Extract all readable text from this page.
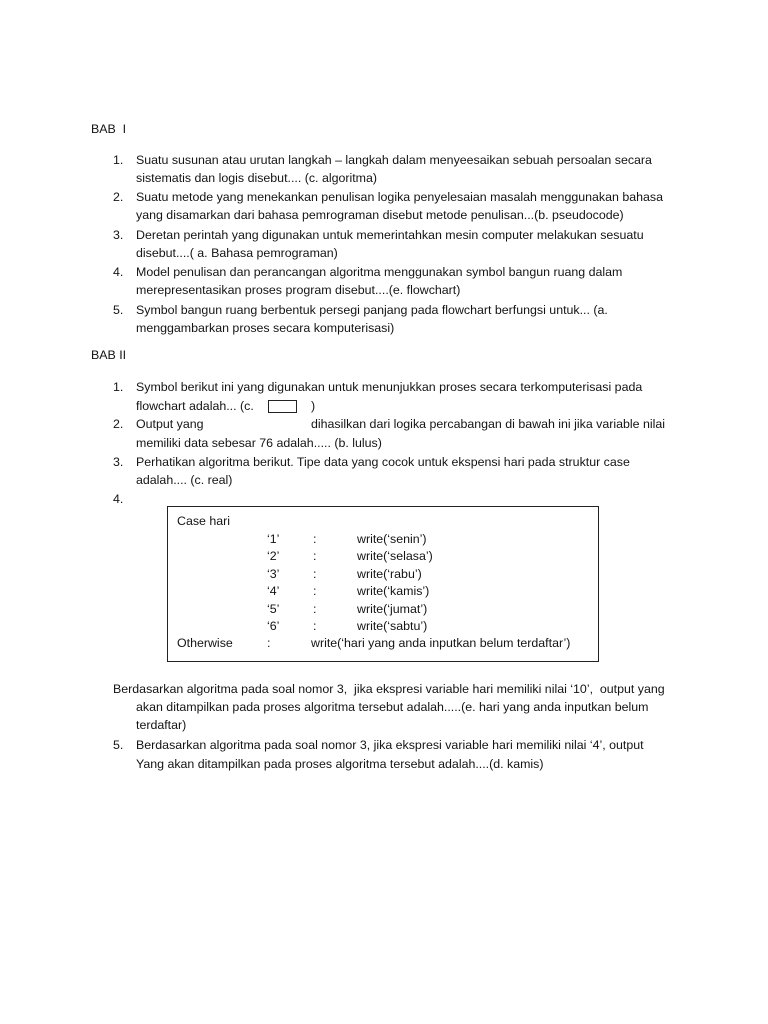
BAB  I
1. Suatu susunan atau urutan langkah – langkah dalam menyeesaikan sebuah persoalan secara
sistematis dan logis disebut.... (c. algoritma)
2. Suatu metode yang menekankan penulisan logika penyelesaian masalah menggunakan bahasa
yang disamarkan dari bahasa pemrograman disebut metode penulisan...(b. pseudocode)
3. Deretan perintah yang digunakan untuk memerintahkan mesin computer melakukan sesuatu
disebut....( a. Bahasa pemrograman)
4. Model penulisan dan perancangan algoritma menggunakan symbol bangun ruang dalam
merepresentasikan proses program disebut....(e. flowchart)
5. Symbol bangun ruang berbentuk persegi panjang pada flowchart berfungsi untuk... (a.
menggambarkan proses secara komputerisasi)
BAB II
1. Symbol berikut ini yang digunakan untuk menunjukkan proses secara terkomputerisasi pada
flowchart adalah... (c.	)
2. Output yang	dihasilkan dari logika percabangan di bawah ini jika variable nilai
memiliki data sebesar 76 adalah..... (b. lulus)
3. Perhatikan algoritma berikut. Tipe data yang cocok untuk ekspensi hari pada struktur case
adalah.... (c. real)
4.
Case hari
‘1’	:	write(‘senin’)
‘2’	:	write(‘selasa’)
‘3’	:	write(‘rabu’)
‘4’	:	write(‘kamis’)
‘5’	:	write(‘jumat’)
‘6’	:	write(‘sabtu’)
Otherwise	:	write(‘hari yang anda inputkan belum terdaftar’)
Berdasarkan algoritma pada soal nomor 3,  jika ekspresi variable hari memiliki nilai ‘10’,  output yang
akan ditampilkan pada proses algoritma tersebut adalah.....(e. hari yang anda inputkan belum
terdaftar)
5. Berdasarkan algoritma pada soal nomor 3, jika ekspresi variable hari memiliki nilai ‘4’, output
Yang akan ditampilkan pada proses algoritma tersebut adalah....(d. kamis)
